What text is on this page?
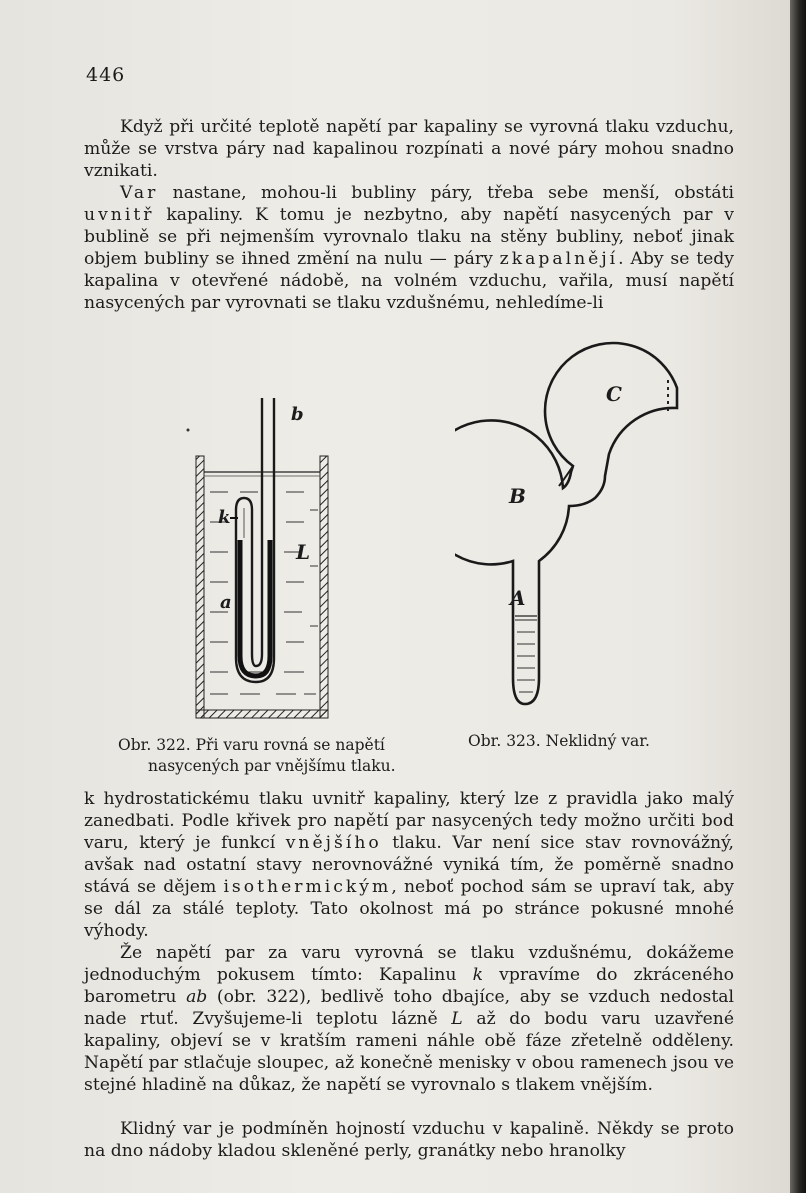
446

Když při určité teplotě napětí par kapaliny se vyrovná tlaku vzduchu, může se vrstva páry nad kapalinou rozpínati a nové páry mohou snadno vznikati.

Var nastane, mohou-li bubliny páry, třeba sebe menší, obstáti uvnitř kapaliny. K tomu je nezbytno, aby napětí nasycených par v bublině se při nejmenším vyrovnalo tlaku na stěny bubliny, neboť jinak objem bubliny se ihned změní na nulu — páry zkapalnějí. Aby se tedy kapalina v otevřené nádobě, na volném vzduchu, vařila, musí napětí nasycených par vyrovnati se tlaku vzdušnému, nehledíme-li

b
k
L
a
C
B
A

Obr. 322. Při varu rovná se napětí

nasycených par vnějšímu tlaku.

Obr. 323. Neklidný var.

k hydrostatickému tlaku uvnitř kapaliny, který lze z pravidla jako malý zanedbati. Podle křivek pro napětí par nasycených tedy možno určiti bod varu, který je funkcí vnějšího tlaku. Var není sice stav rovnovážný, avšak nad ostatní stavy nerovnovážné vyniká tím, že poměrně snadno stává se dějem isothermickým, neboť pochod sám se upraví tak, aby se dál za stálé teploty. Tato okolnost má po stránce pokusné mnohé výhody.

Že napětí par za varu vyrovná se tlaku vzdušnému, dokážeme jednoduchým pokusem tímto: Kapalinu k vpravíme do zkráceného barometru ab (obr. 322), bedlivě toho dbajíce, aby se vzduch nedostal nade rtuť. Zvyšujeme-li teplotu lázně L až do bodu varu uzavřené kapaliny, objeví se v kratším rameni náhle obě fáze zřetelně odděleny. Napětí par stlačuje sloupec, až konečně menisky v obou ramenech jsou ve stejné hladině na důkaz, že napětí se vyrovnalo s tlakem vnějším.

Klidný var je podmíněn hojností vzduchu v kapalině. Někdy se proto na dno nádoby kladou skleněné perly, granátky nebo hranolky
